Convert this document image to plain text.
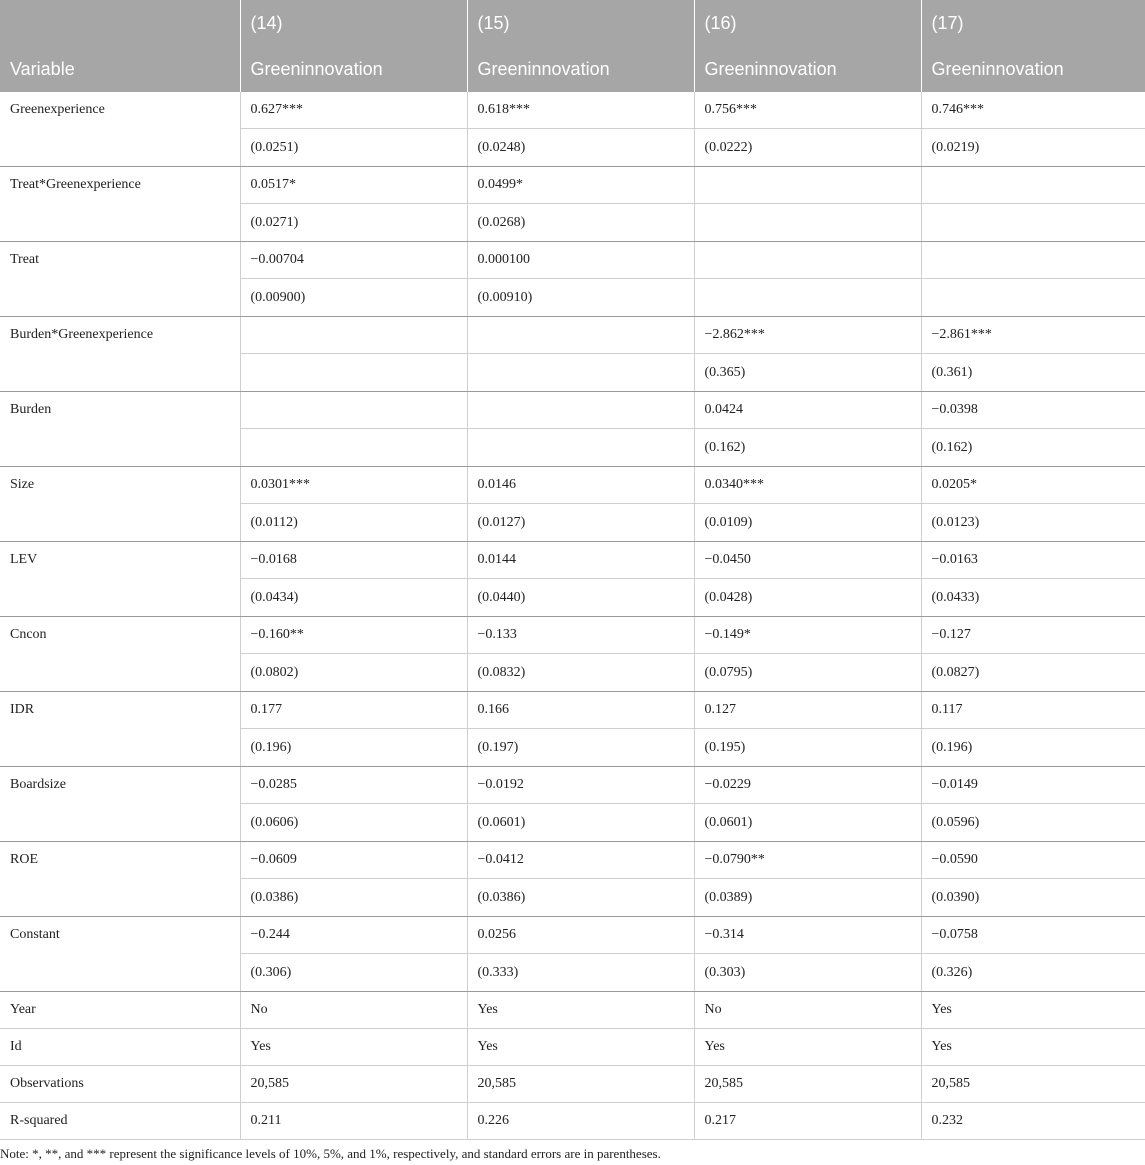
Variable	(14)	(15)	(16)	(17)
	Greeninnovation	Greeninnovation	Greeninnovation	Greeninnovation
Greenexperience	0.627***	0.618***	0.756***	0.746***
	(0.0251)	(0.0248)	(0.0222)	(0.0219)
Treat*Greenexperience	0.0517*	0.0499*		
	(0.0271)	(0.0268)		
Treat	−0.00704	0.000100		
	(0.00900)	(0.00910)		
Burden*Greenexperience			−2.862***	−2.861***
			(0.365)	(0.361)
Burden			0.0424	−0.0398
			(0.162)	(0.162)
Size	0.0301***	0.0146	0.0340***	0.0205*
	(0.0112)	(0.0127)	(0.0109)	(0.0123)
LEV	−0.0168	0.0144	−0.0450	−0.0163
	(0.0434)	(0.0440)	(0.0428)	(0.0433)
Cncon	−0.160**	−0.133	−0.149*	−0.127
	(0.0802)	(0.0832)	(0.0795)	(0.0827)
IDR	0.177	0.166	0.127	0.117
	(0.196)	(0.197)	(0.195)	(0.196)
Boardsize	−0.0285	−0.0192	−0.0229	−0.0149
	(0.0606)	(0.0601)	(0.0601)	(0.0596)
ROE	−0.0609	−0.0412	−0.0790**	−0.0590
	(0.0386)	(0.0386)	(0.0389)	(0.0390)
Constant	−0.244	0.0256	−0.314	−0.0758
	(0.306)	(0.333)	(0.303)	(0.326)
Year	No	Yes	No	Yes
Id	Yes	Yes	Yes	Yes
Observations	20,585	20,585	20,585	20,585
R-squared	0.211	0.226	0.217	0.232
Note: *, **, and *** represent the significance levels of 10%, 5%, and 1%, respectively, and standard errors are in parentheses.
